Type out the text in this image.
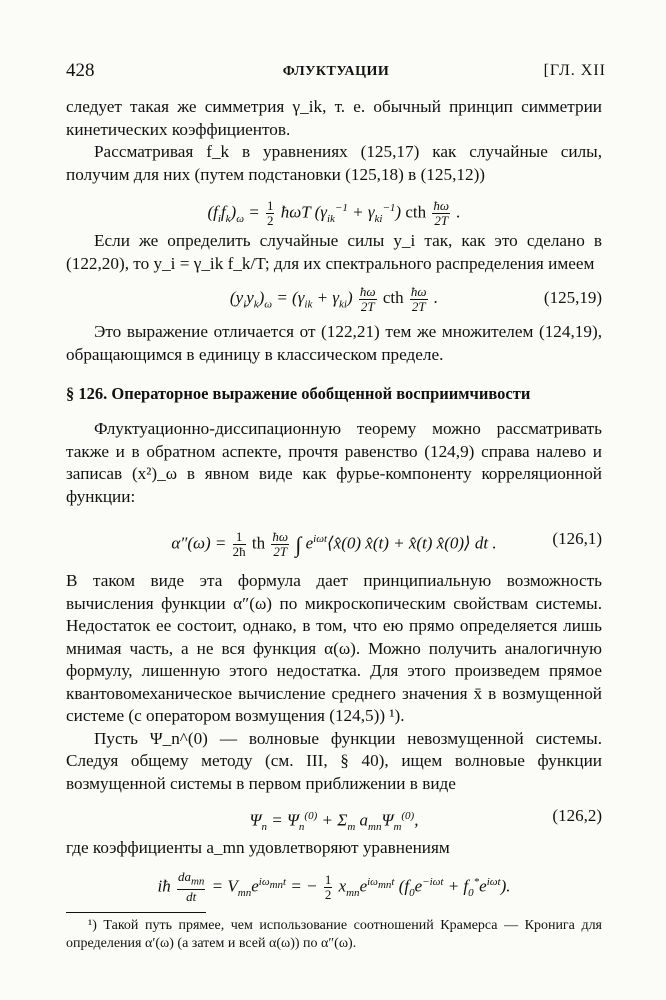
428	ФЛУКТУАЦИИ	[ГЛ. XII

следует такая же симметрия γ_ik, т. е. обычный принцип симметрии кинетических коэффициентов.

Рассматривая f_k в уравнениях (125,17) как случайные силы, получим для них (путем подстановки (125,18) в (125,12))

$(f_if_k)_\omega = \frac{1}{2}$ ħωT $(\gamma_{ik}^{-1} + \gamma_{ki}^{-1})$ cth $\frac{ħ\omega}{2T}$ .

Если же определить случайные силы y_i так, как это сделано в (122,20), то y_i = γ_ik f_k/T; для их спектрального распределения имеем

$(y_iy_k)_\omega = (\gamma_{ik} + \gamma_{ki}) \frac{ħ\omega}{2T}$ cth $\frac{ħ\omega}{2T}$ .	(125,19)

Это выражение отличается от (122,21) тем же множителем (124,19), обращающимся в единицу в классическом пределе.

§ 126. Операторное выражение обобщенной восприимчивости

Флуктуационно-диссипационную теорему можно рассматривать также и в обратном аспекте, прочтя равенство (124,9) справа налево и записав (x²)_ω в явном виде как фурье-компоненту корреляционной функции:

$\alpha''(\omega) = \frac{1}{2ħ}$ th $\frac{ħ\omega}{2T}$ ∫ $e^{i\omega t}⟨x̂(0)$ x̂(t) + x̂(t) x̂(0)⟩ dt .	(126,1)

В таком виде эта формула дает принципиальную возможность вычисления функции α″(ω) по микроскопическим свойствам системы. Недостаток ее состоит, однако, в том, что ею прямо определяется лишь мнимая часть, а не вся функция α(ω). Можно получить аналогичную формулу, лишенную этого недостатка. Для этого произведем прямое квантовомеханическое вычисление среднего значения x̄ в возмущенной системе (с оператором возмущения (124,5)) ¹).

Пусть Ψ_n^(0) — волновые функции невозмущенной системы. Следуя общему методу (см. III, § 40), ищем волновые функции возмущенной системы в первом приближении в виде

$\Psi_n = \Psi_n^{(0)} + \Sigma_m$ $a_{mn}\Psi_m^{(0)}$,	(126,2)

где коэффициенты a_mn удовлетворяют уравнениям

iħ $\frac{da_{mn}}{dt} = V_{mn}e^{i\omega_{mn}t}$ = − $\frac{1}{2} x_{mn}e^{i\omega_{mn}t}$ $(f_0e^{-i\omega t} + f_0^*e^{i\omega t})$.

¹) Такой путь прямее, чем использование соотношений Крамерса — Кронига для определения α′(ω) (а затем и всей α(ω)) по α″(ω).
